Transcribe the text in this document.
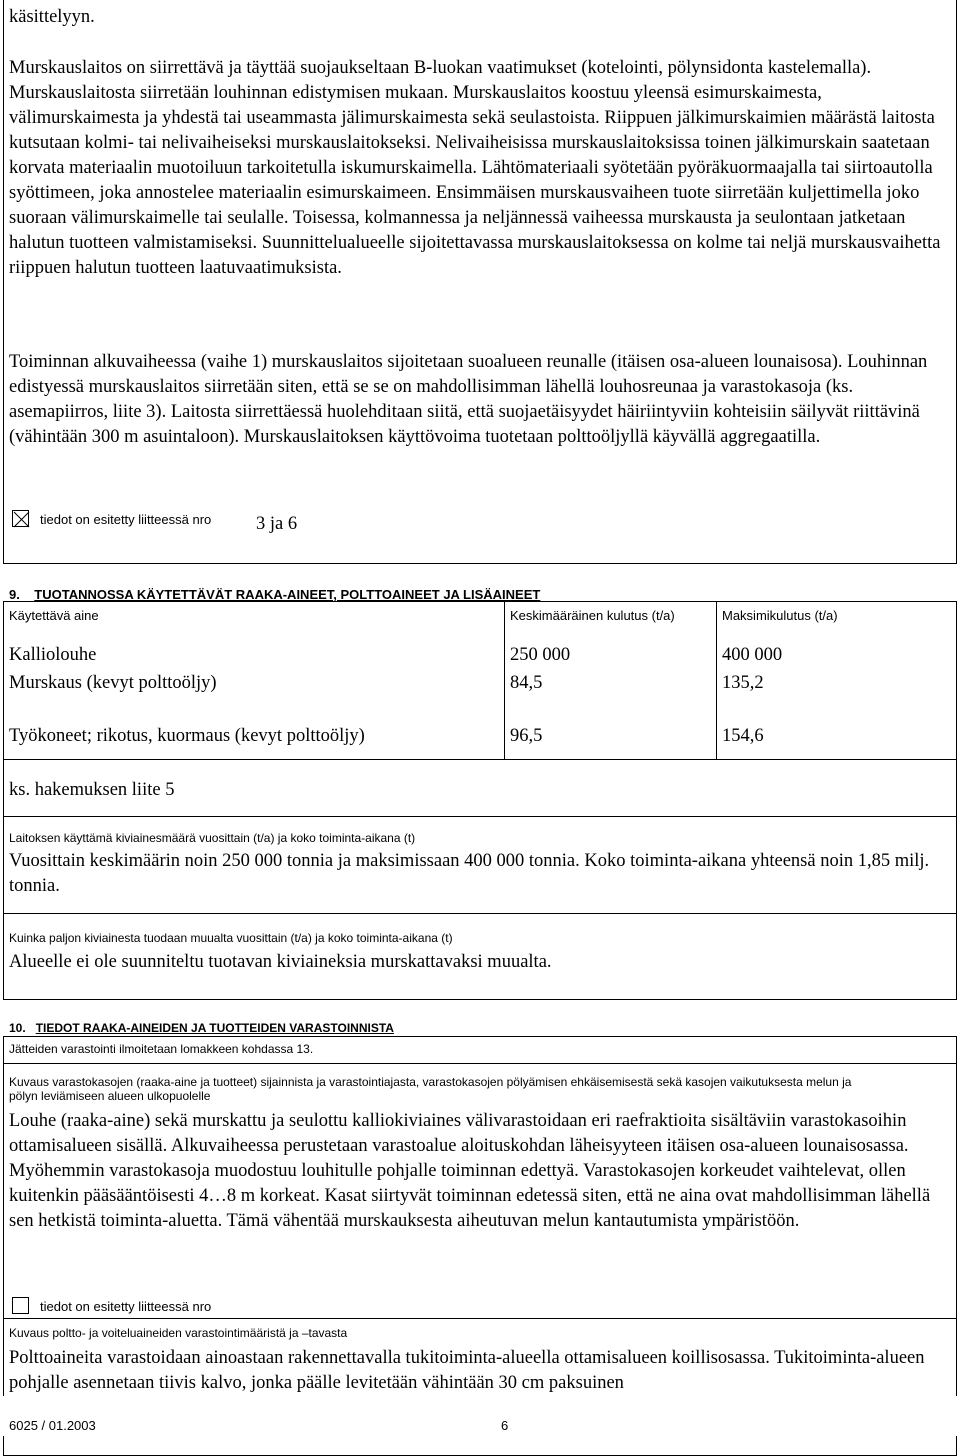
käsittelyyn.

Murskauslaitos on siirrettävä ja täyttää suojaukseltaan B-luokan vaatimukset (kotelointi, pölynsidonta kastelemalla). Murskauslaitosta siirretään louhinnan edistymisen mukaan. Murskauslaitos koostuu yleensä esimurskaimesta, välimurskaimesta ja yhdestä tai useammasta jälimurskaimesta sekä seulastoista. Riippuen jälkimurskaimien määrästä laitosta kutsutaan kolmi- tai nelivaiheiseksi murskauslaitokseksi. Nelivaiheisissa murskauslaitoksissa toinen jälkimurskain saatetaan korvata materiaalin muotoiluun tarkoitetulla iskumurskaimella. Lähtömateriaali syötetään pyöräkuormaajalla tai siirtoautolla syöttimeen, joka annostelee materiaalin esimurskaimeen. Ensimmäisen murskausvaiheen tuote siirretään kuljettimella joko suoraan välimurskaimelle tai seulalle. Toisessa, kolmannessa ja neljännessä vaiheessa murskausta ja seulontaan jatketaan halutun tuotteen valmistamiseksi. Suunnittelualueelle sijoitettavassa murskauslaitoksessa on kolme tai neljä murskausvaihetta riippuen halutun tuotteen laatuvaatimuksista.

Toiminnan alkuvaiheessa (vaihe 1) murskauslaitos sijoitetaan suoalueen reunalle (itäisen osa-alueen lounaisosa). Louhinnan edistyessä murskauslaitos siirretään siten, että se se on mahdollisimman lähellä louhosreunaa ja varastokasoja (ks. asemapiirros, liite 3). Laitosta siirrettäessä huolehditaan siitä, että suojaetäisyydet häiriintyviin kohteisiin säilyvät riittävinä (vähintään 300 m asuintaloon). Murskauslaitoksen käyttövoima tuotetaan polttoöljyllä käyvällä aggregaatilla.

tiedot on esitetty liitteessä nro 3 ja 6
9. TUOTANNOSSA KÄYTETTÄVÄT RAAKA-AINEET, POLTTOAINEET JA LISÄAINEET
Käytettävä aine	Keskimääräinen kulutus (t/a)	Maksimikulutus (t/a)
Kalliolouhe	250 000	400 000
Murskaus (kevyt polttoöljy)	84,5	135,2
Työkoneet; rikotus, kuormaus (kevyt polttoöljy)	96,5	154,6
ks. hakemuksen liite 5
Laitoksen käyttämä kiviainesmäärä vuosittain (t/a) ja koko toiminta-aikana (t)

Vuosittain keskimäärin noin 250 000 tonnia ja maksimissaan 400 000 tonnia. Koko toiminta-aikana yhteensä noin 1,85 milj. tonnia.

Kuinka paljon kiviainesta tuodaan muualta vuosittain (t/a) ja koko toiminta-aikana (t)

Alueelle ei ole suunniteltu tuotavan kiviaineksia murskattavaksi muualta.

10. TIEDOT RAAKA-AINEIDEN JA TUOTTEIDEN VARASTOINNISTA
Jätteiden varastointi ilmoitetaan lomakkeen kohdassa 13.

Kuvaus varastokasojen (raaka-aine ja tuotteet) sijainnista ja varastointiajasta, varastokasojen pölyämisen ehkäisemisestä sekä kasojen vaikutuksesta melun ja pölyn leviämiseen alueen ulkopuolelle

Louhe (raaka-aine) sekä murskattu ja seulottu kalliokiviaines välivarastoidaan eri raefraktioita sisältäviin varastokasoihin ottamisalueen sisällä. Alkuvaiheessa perustetaan varastoalue aloituskohdan läheisyyteen itäisen osa-alueen lounaisosassa. Myöhemmin varastokasoja muodostuu louhitulle pohjalle toiminnan edettyä. Varastokasojen korkeudet vaihtelevat, ollen kuitenkin pääsääntöisesti 4…8 m korkeat. Kasat siirtyvät toiminnan edetessä siten, että ne aina ovat mahdollisimman lähellä sen hetkistä toiminta-aluetta. Tämä vähentää murskauksesta aiheutuvan melun kantautumista ympäristöön.

tiedot on esitetty liitteessä nro
Kuvaus poltto- ja voiteluaineiden varastointimääristä ja –tavasta

Polttoaineita varastoidaan ainoastaan rakennettavalla tukitoiminta-alueella ottamisalueen koillisosassa. Tukitoiminta-alueen pohjalle asennetaan tiivis kalvo, jonka päälle levitetään vähintään 30 cm paksuinen

6025 / 01.2003	6
